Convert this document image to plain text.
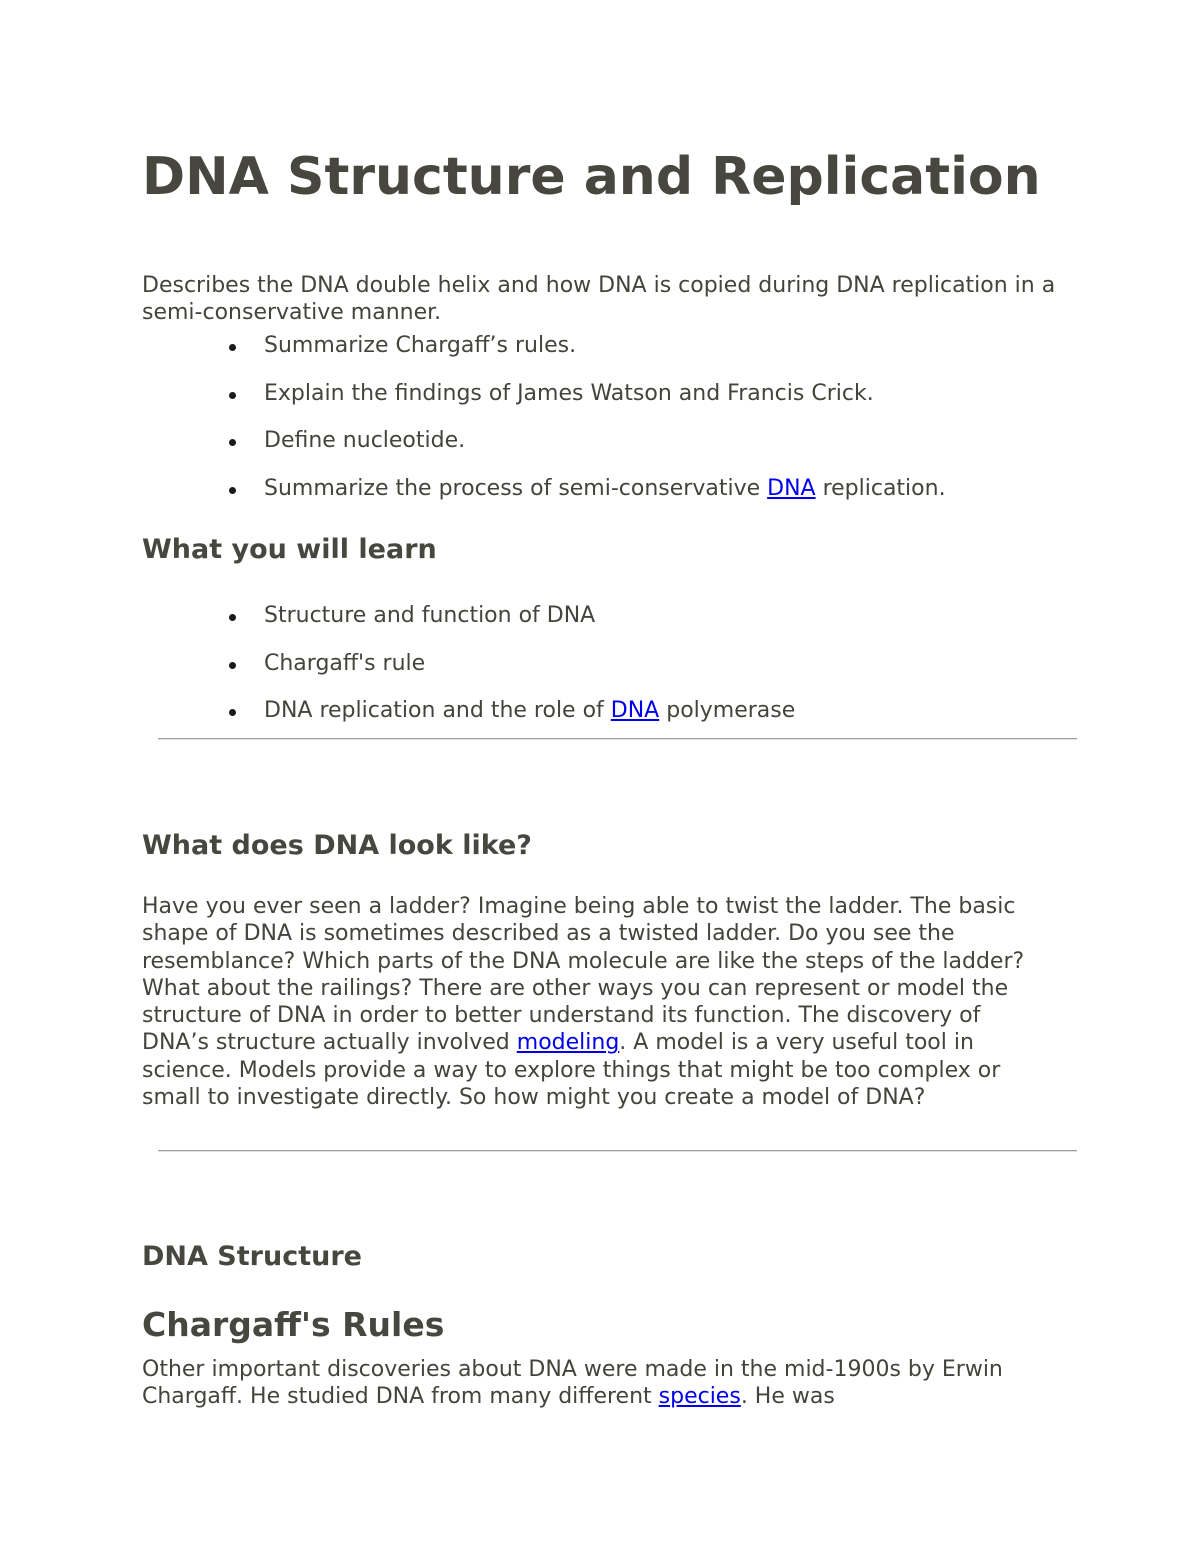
DNA Structure and Replication

Describes the DNA double helix and how DNA is copied during DNA replication in a semi-conservative manner.

Summarize Chargaff’s rules.
Explain the findings of James Watson and Francis Crick.
Define nucleotide.
Summarize the process of semi-conservative DNA replication.
What you will learn
Structure and function of DNA
Chargaff's rule
DNA replication and the role of DNA polymerase
What does DNA look like?

Have you ever seen a ladder? Imagine being able to twist the ladder. The basic shape of DNA is sometimes described as a twisted ladder. Do you see the resemblance? Which parts of the DNA molecule are like the steps of the ladder? What about the railings? There are other ways you can represent or model the structure of DNA in order to better understand its function. The discovery of DNA’s structure actually involved modeling. A model is a very useful tool in science. Models provide a way to explore things that might be too complex or small to investigate directly. So how might you create a model of DNA?

DNA Structure
Chargaff's Rules

Other important discoveries about DNA were made in the mid-1900s by Erwin Chargaff. He studied DNA from many different species. He was
